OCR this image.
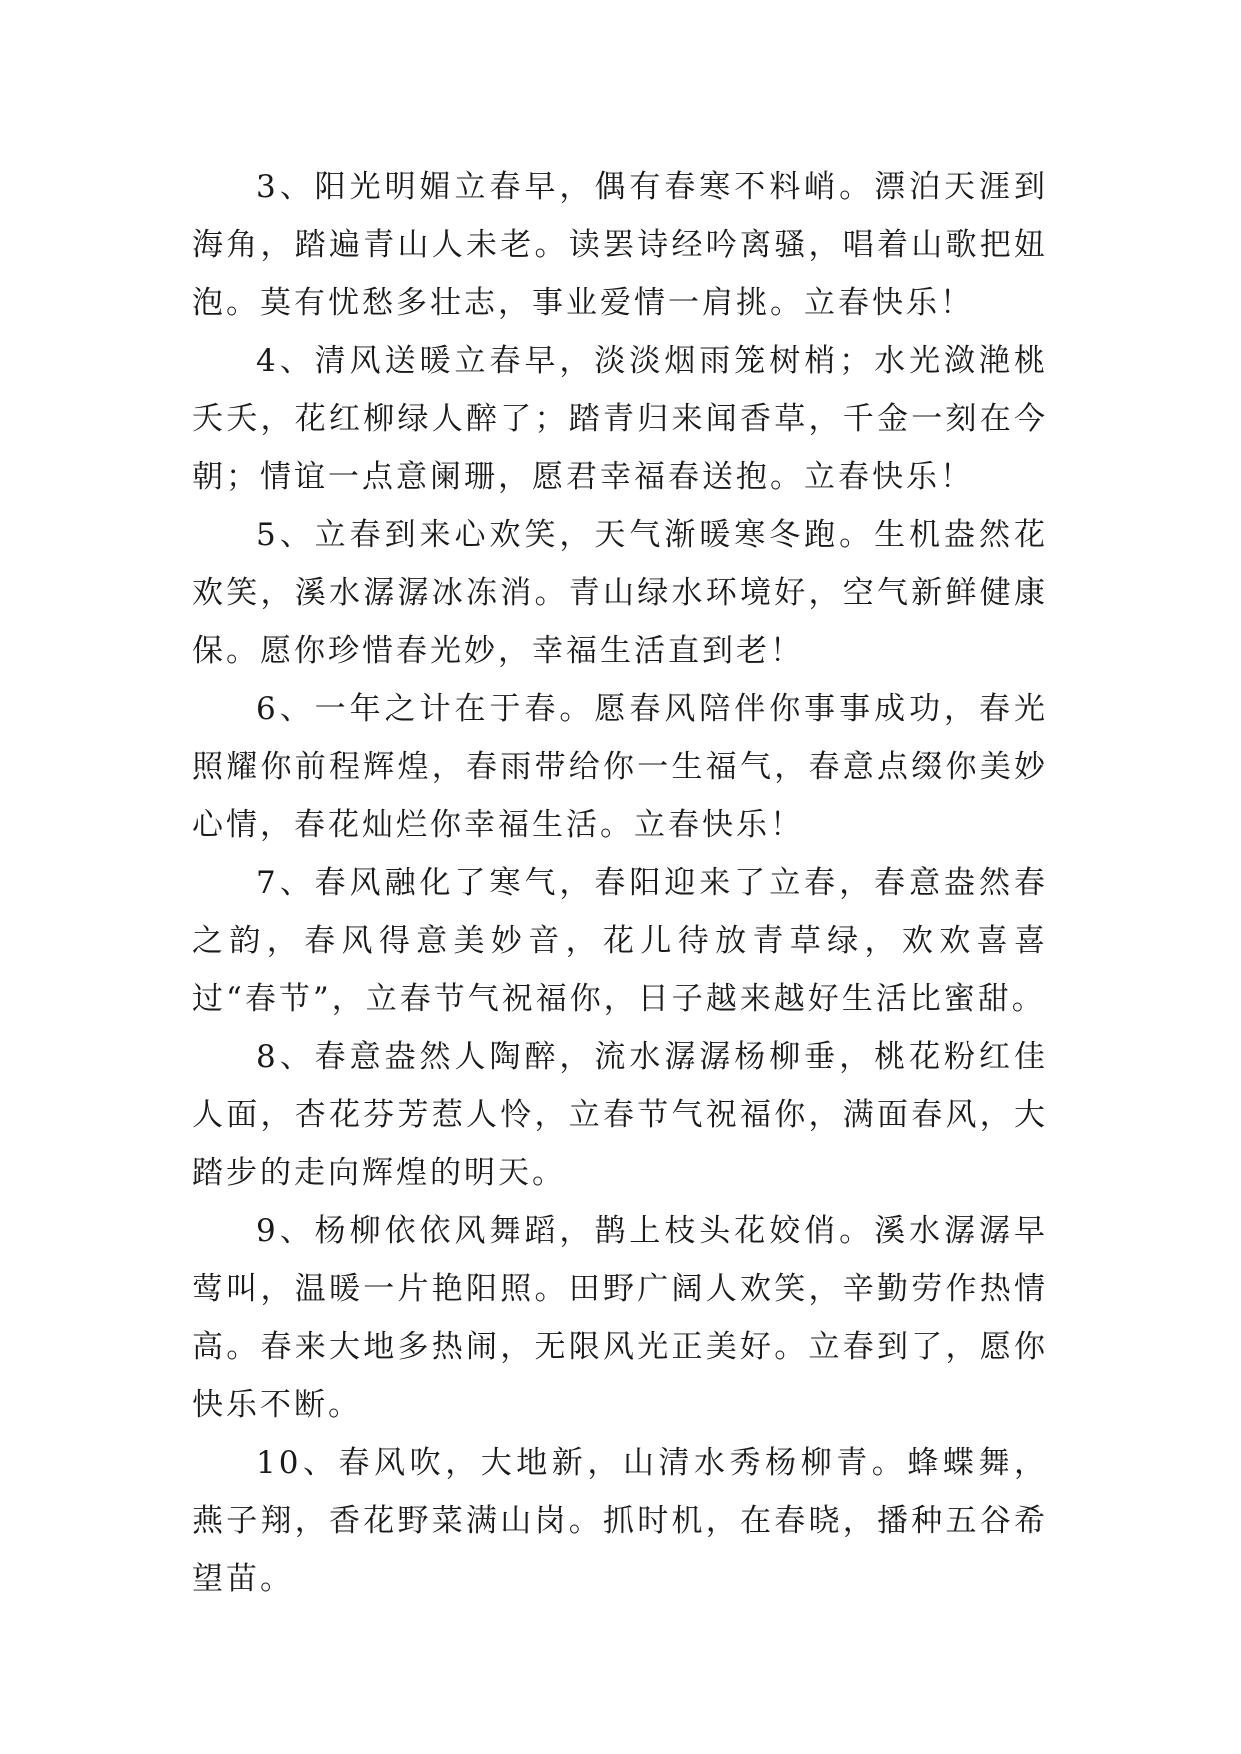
3、阳光明媚立春早，偶有春寒不料峭。漂泊天涯到海角，踏遍青山人未老。读罢诗经吟离骚，唱着山歌把妞泡。莫有忧愁多壮志，事业爱情一肩挑。立春快乐！

4、清风送暖立春早，淡淡烟雨笼树梢；水光潋滟桃夭夭，花红柳绿人醉了；踏青归来闻香草，千金一刻在今朝；情谊一点意阑珊，愿君幸福春送抱。立春快乐！

5、立春到来心欢笑，天气渐暖寒冬跑。生机盎然花欢笑，溪水潺潺冰冻消。青山绿水环境好，空气新鲜健康保。愿你珍惜春光妙，幸福生活直到老！

6、一年之计在于春。愿春风陪伴你事事成功，春光照耀你前程辉煌，春雨带给你一生福气，春意点缀你美妙心情，春花灿烂你幸福生活。立春快乐！

7、春风融化了寒气，春阳迎来了立春，春意盎然春之韵，春风得意美妙音，花儿待放青草绿，欢欢喜喜过“春节”，立春节气祝福你，日子越来越好生活比蜜甜。

8、春意盎然人陶醉，流水潺潺杨柳垂，桃花粉红佳人面，杏花芬芳惹人怜，立春节气祝福你，满面春风，大踏步的走向辉煌的明天。

9、杨柳依依风舞蹈，鹊上枝头花姣俏。溪水潺潺早莺叫，温暖一片艳阳照。田野广阔人欢笑，辛勤劳作热情高。春来大地多热闹，无限风光正美好。立春到了，愿你快乐不断。

10、春风吹，大地新，山清水秀杨柳青。蜂蝶舞，燕子翔，香花野菜满山岗。抓时机，在春晓，播种五谷希望苗。
